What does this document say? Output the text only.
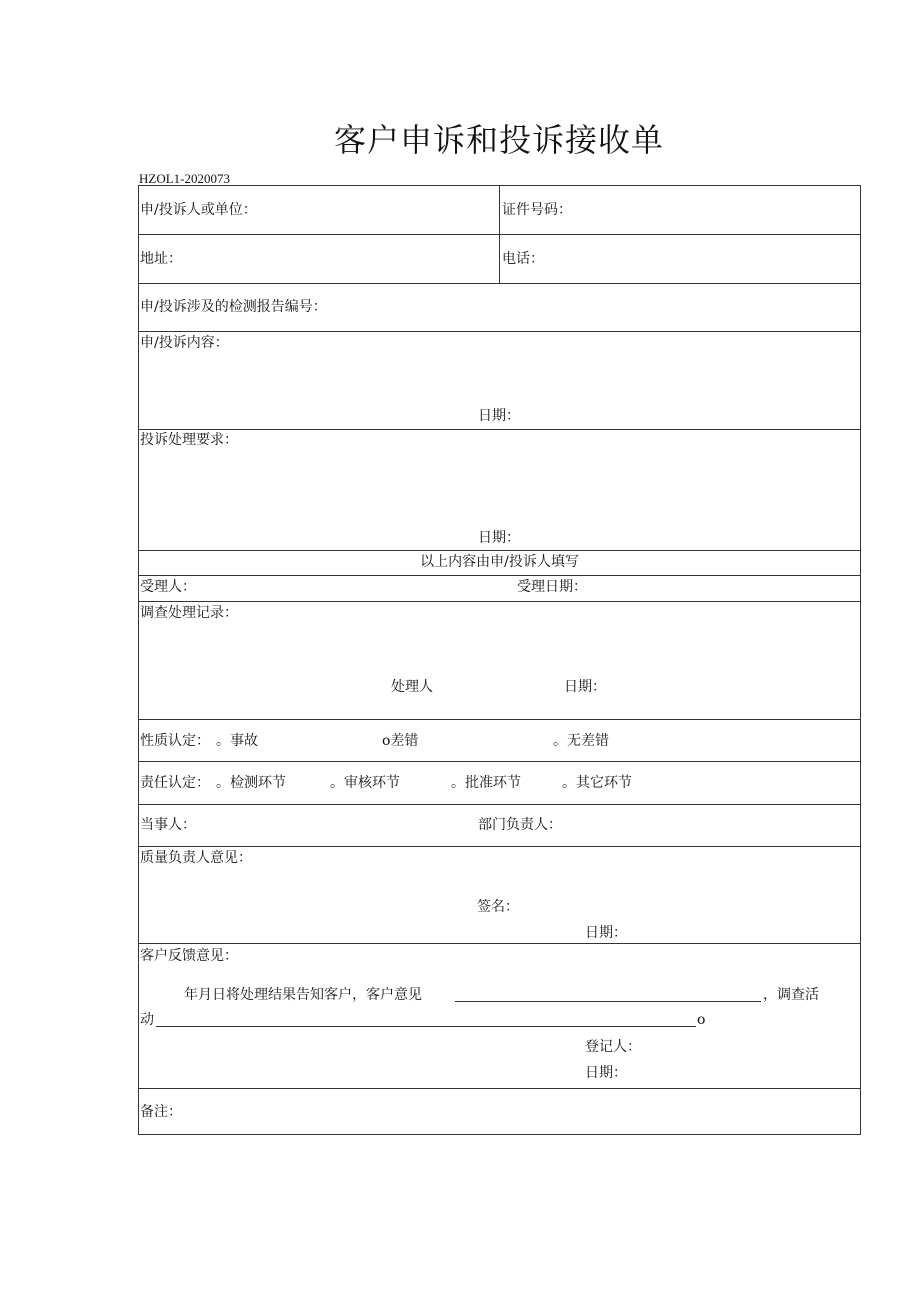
客户申诉和投诉接收单
HZOL1-2020073
申/投诉人或单位：	证件号码：
地址：	电话：
申/投诉涉及的检测报告编号：
申/投诉内容：
日期：
投诉处理要求：
日期：
以上内容由申/投诉人填写
受理人：	受理日期：
调查处理记录：
处理人	日期：
性质认定： 。事故	o差错	。无差错
责任认定： 。检测环节	。审核环节	。批准环节	。其它环节
当事人：	部门负责人：
质量负责人意见：
签名：
日期：
客户反馈意见：
年月日将处理结果告知客户，客户意见	，调查活
动	o
登记人：
日期：
备注：
